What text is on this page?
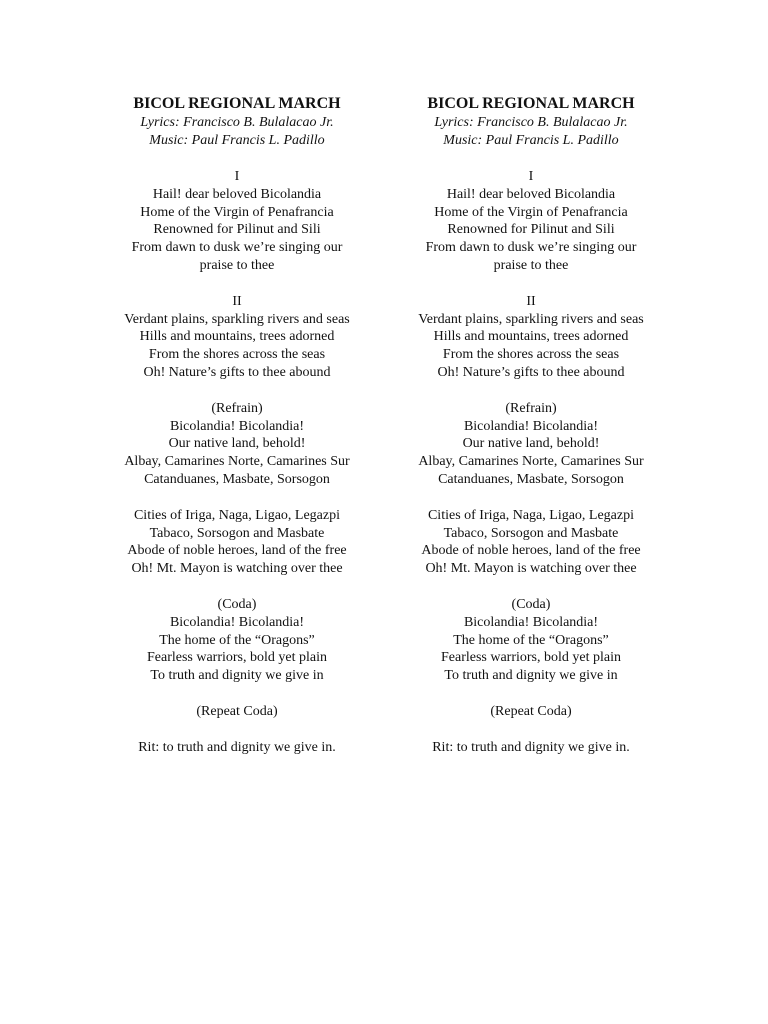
BICOL REGIONAL MARCH
Lyrics: Francisco B. Bulalacao Jr.
Music: Paul Francis L. Padillo
I
Hail! dear beloved Bicolandia
Home of the Virgin of Penafrancia
Renowned for Pilinut and Sili
From dawn to dusk we’re singing our
praise to thee
II
Verdant plains, sparkling rivers and seas
Hills and mountains, trees adorned
From the shores across the seas
Oh! Nature’s gifts to thee abound
(Refrain)
Bicolandia! Bicolandia!
Our native land, behold!
Albay, Camarines Norte, Camarines Sur
Catanduanes, Masbate, Sorsogon
Cities of Iriga, Naga, Ligao, Legazpi
Tabaco, Sorsogon and Masbate
Abode of noble heroes, land of the free
Oh! Mt. Mayon is watching over thee
(Coda)
Bicolandia! Bicolandia!
The home of the “Oragons”
Fearless warriors, bold yet plain
To truth and dignity we give in
(Repeat Coda)
Rit: to truth and dignity we give in.
BICOL REGIONAL MARCH
Lyrics: Francisco B. Bulalacao Jr.
Music: Paul Francis L. Padillo
I
Hail! dear beloved Bicolandia
Home of the Virgin of Penafrancia
Renowned for Pilinut and Sili
From dawn to dusk we’re singing our
praise to thee
II
Verdant plains, sparkling rivers and seas
Hills and mountains, trees adorned
From the shores across the seas
Oh! Nature’s gifts to thee abound
(Refrain)
Bicolandia! Bicolandia!
Our native land, behold!
Albay, Camarines Norte, Camarines Sur
Catanduanes, Masbate, Sorsogon
Cities of Iriga, Naga, Ligao, Legazpi
Tabaco, Sorsogon and Masbate
Abode of noble heroes, land of the free
Oh! Mt. Mayon is watching over thee
(Coda)
Bicolandia! Bicolandia!
The home of the “Oragons”
Fearless warriors, bold yet plain
To truth and dignity we give in
(Repeat Coda)
Rit: to truth and dignity we give in.
